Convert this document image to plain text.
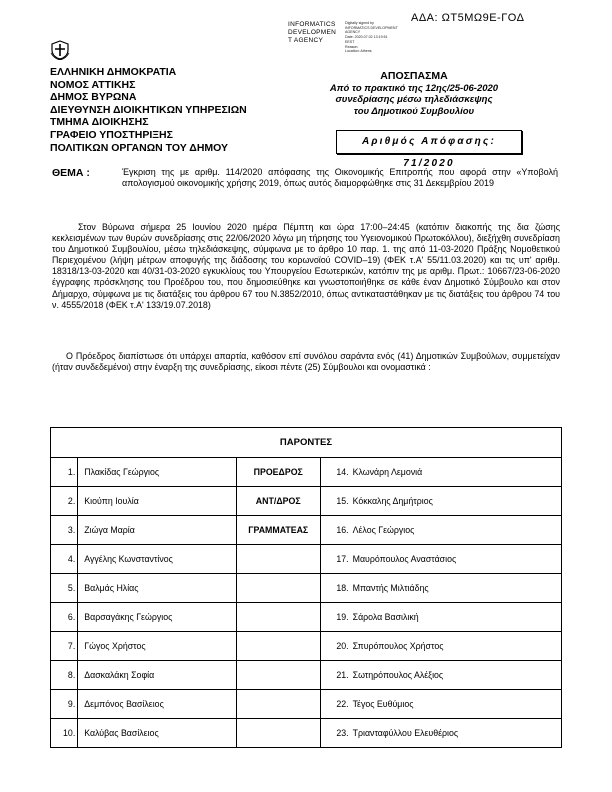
ΑΔΑ: ΩΤ5ΜΩ9Ε-ΓΟΔ
INFORMATICS
DEVELOPMEN
T AGENCY
Digitally signed by
INFORMATICS DEVELOPMENT AGENCY
Date: 2020.07.02 13:19:51
EEST
Reason:
Location: Athens
ΕΛΛΗΝΙΚΗ ΔΗΜΟΚΡΑΤΙΑ
ΝΟΜΟΣ ΑΤΤΙΚΗΣ
ΔΗΜΟΣ ΒΥΡΩΝΑ
ΔΙΕΥΘΥΝΣΗ ΔΙΟΙΚΗΤΙΚΩΝ ΥΠΗΡΕΣΙΩΝ
ΤΜΗΜΑ ΔΙΟΙΚΗΣΗΣ
ΓΡΑΦΕΙΟ ΥΠΟΣΤΗΡΙΞΗΣ
ΠΟΛΙΤΙΚΩΝ ΟΡΓΑΝΩΝ ΤΟΥ ΔΗΜΟΥ
ΑΠΟΣΠΑΣΜΑ
Από το πρακτικό της 12ης/25-06-2020
συνεδρίασης μέσω τηλεδιάσκεψης
του Δημοτικού Συμβουλίου
Αριθμός Απόφασης: 71/2020
ΘΕΜΑ :	Έγκριση της με αριθμ. 114/2020 απόφασης της Οικονομικής Επιτροπής που αφορά στην «Υποβολή απολογισμού οικονομικής χρήσης 2019, όπως αυτός διαμορφώθηκε στις 31 Δεκεμβρίου 2019
Στον Βύρωνα σήμερα 25 Ιουνίου 2020 ημέρα Πέμπτη και ώρα 17:00–24:45 (κατόπιν διακοπής της δια ζώσης κεκλεισμένων των θυρών συνεδρίασης στις 22/06/2020 λόγω μη τήρησης του Υγειονομικού Πρωτοκόλλου), διεξήχθη συνεδρίαση του Δημοτικού Συμβουλίου, μέσω τηλεδιάσκεψης, σύμφωνα με το άρθρο 10 παρ. 1. της από 11-03-2020 Πράξης Νομοθετικού Περιεχομένου (λήψη μέτρων αποφυγής της διάδοσης του κορωνοϊού COVID–19) (ΦΕΚ τ.Α' 55/11.03.2020) και τις υπ' αριθμ. 18318/13-03-2020 και 40/31-03-2020 εγκυκλίους του Υπουργείου Εσωτερικών, κατόπιν της με αριθμ. Πρωτ.: 10667/23-06-2020 έγγραφης πρόσκλησης του Προέδρου του, που δημοσιεύθηκε και γνωστοποιήθηκε σε κάθε έναν Δημοτικό Σύμβουλο και στον Δήμαρχο, σύμφωνα με τις διατάξεις του άρθρου 67 του Ν.3852/2010, όπως αντικαταστάθηκαν με τις διατάξεις του άρθρου 74 του ν. 4555/2018 (ΦΕΚ τ.Α' 133/19.07.2018)
Ο Πρόεδρος διαπίστωσε ότι υπάρχει απαρτία, καθόσον επί συνόλου σαράντα ενός (41) Δημοτικών Συμβούλων, συμμετείχαν (ήταν συνδεδεμένοι) στην έναρξη της συνεδρίασης, είκοσι πέντε (25) Σύμβουλοι και ονομαστικά :
ΠΑΡΟΝΤΕΣ			
1.	Πλακίδας Γεώργιος	ΠΡΟΕΔΡΟΣ	14. Κλωνάρη Λεμονιά
2.	Κιούπη Ιουλία	ΑΝΤ/ΔΡΟΣ	15. Κόκκαλης Δημήτριος
3.	Ζιώγα Μαρία	ΓΡΑΜΜΑΤΕΑΣ	16. Λέλος Γεώργιος
4.	Αγγέλης Κωνσταντίνος		17. Μαυρόπουλος Αναστάσιος
5.	Βαλμάς Ηλίας		18. Μπαντής Μιλτιάδης
6.	Βαρσαγάκης Γεώργιος		19. Σάρολα Βασιλική
7.	Γώγος Χρήστος		20. Σπυρόπουλος Χρήστος
8.	Δασκαλάκη Σοφία		21. Σωτηρόπουλος Αλέξιος
9.	Δεμπόνος Βασίλειος		22. Τέγος Ευθύμιος
10.	Καλύβας Βασίλειος		23. Τριανταφύλλου Ελευθέριος
